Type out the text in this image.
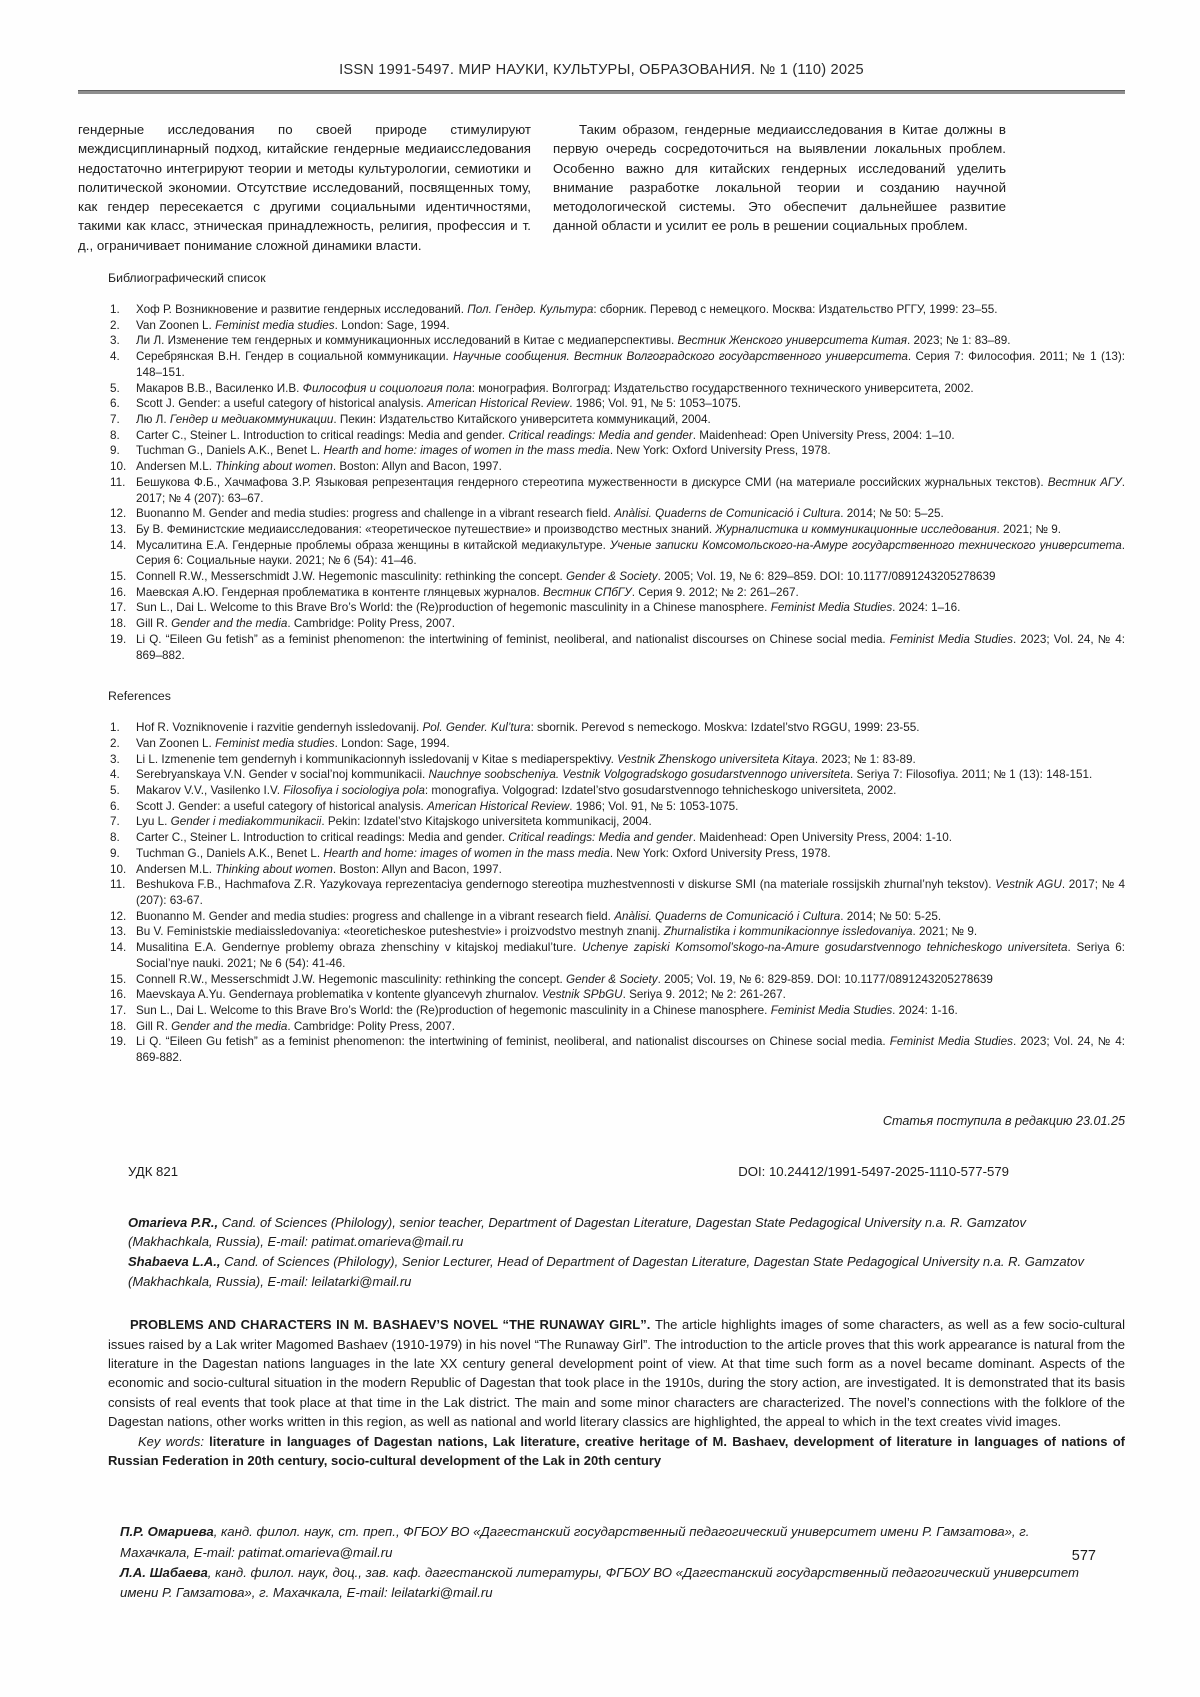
ISSN 1991-5497. МИР НАУКИ, КУЛЬТУРЫ, ОБРАЗОВАНИЯ. № 1 (110) 2025

гендерные исследования по своей природе стимулируют междисциплинарный подход, китайские гендерные медиаисследования недостаточно интегрируют теории и методы культурологии, семиотики и политической экономии. Отсутствие исследований, посвященных тому, как гендер пересекается с другими социальными идентичностями, такими как класс, этническая принадлежность, религия, профессия и т. д., ограничивает понимание сложной динамики власти.

Таким образом, гендерные медиаисследования в Китае должны в первую очередь сосредоточиться на выявлении локальных проблем. Особенно важно для китайских гендерных исследований уделить внимание разработке локальной теории и созданию научной методологической системы. Это обеспечит дальнейшее развитие данной области и усилит ее роль в решении социальных проблем.

Библиографический список
1.	Хоф Р. Возникновение и развитие гендерных исследований. Пол. Гендер. Культура: сборник. Перевод с немецкого. Москва: Издательство РГГУ, 1999: 23–55.
2.	Van Zoonen L. Feminist media studies. London: Sage, 1994.
3.	Ли Л. Изменение тем гендерных и коммуникационных исследований в Китае с медиаперспективы. Вестник Женского университета Китая. 2023; № 1: 83–89.
4.	Серебрянская В.Н. Гендер в социальной коммуникации. Научные сообщения. Вестник Волгоградского государственного университета. Серия 7: Философия. 2011; № 1 (13): 148–151.
5.	Макаров В.В., Василенко И.В. Философия и социология пола: монография. Волгоград: Издательство государственного технического университета, 2002.
6.	Scott J. Gender: a useful category of historical analysis. American Historical Review. 1986; Vol. 91, № 5: 1053–1075.
7.	Лю Л. Гендер и медиакоммуникации. Пекин: Издательство Китайского университета коммуникаций, 2004.
8.	Carter C., Steiner L. Introduction to critical readings: Media and gender. Critical readings: Media and gender. Maidenhead: Open University Press, 2004: 1–10.
9.	Tuchman G., Daniels A.K., Benet L. Hearth and home: images of women in the mass media. New York: Oxford University Press, 1978.
10. Andersen M.L. Thinking about women. Boston: Allyn and Bacon, 1997.
11. Бешукова Ф.Б., Хачмафова З.Р. Языковая репрезентация гендерного стереотипа мужественности в дискурсе СМИ (на материале российских журнальных текстов). Вестник АГУ. 2017; № 4 (207): 63–67.
12. Buonanno M. Gender and media studies: progress and challenge in a vibrant research field. Anàlisi. Quaderns de Comunicació i Cultura. 2014; № 50: 5–25.
13. Бу В. Феминистские медиаисследования: «теоретическое путешествие» и производство местных знаний. Журналистика и коммуникационные исследования. 2021; № 9.
14. Мусалитина Е.А. Гендерные проблемы образа женщины в китайской медиакультуре. Ученые записки Комсомольского-на-Амуре государственного технического университета. Серия 6: Социальные науки. 2021; № 6 (54): 41–46.
15. Connell R.W., Messerschmidt J.W. Hegemonic masculinity: rethinking the concept. Gender & Society. 2005; Vol. 19, № 6: 829–859. DOI: 10.1177/0891243205278639
16. Маевская А.Ю. Гендерная проблематика в контенте глянцевых журналов. Вестник СПбГУ. Серия 9. 2012; № 2: 261–267.
17. Sun L., Dai L. Welcome to this Brave Bro’s World: the (Re)production of hegemonic masculinity in a Chinese manosphere. Feminist Media Studies. 2024: 1–16.
18. Gill R. Gender and the media. Cambridge: Polity Press, 2007.
19. Li Q. “Eileen Gu fetish” as a feminist phenomenon: the intertwining of feminist, neoliberal, and nationalist discourses on Chinese social media. Feminist Media Studies. 2023; Vol. 24, № 4: 869–882.
References
1.	Hof R. Vozniknovenie i razvitie gendernyh issledovanij. Pol. Gender. Kul’tura: sbornik. Perevod s nemeckogo. Moskva: Izdatel’stvo RGGU, 1999: 23-55.
2.	Van Zoonen L. Feminist media studies. London: Sage, 1994.
3.	Li L. Izmenenie tem gendernyh i kommunikacionnyh issledovanij v Kitae s mediaperspektivy. Vestnik Zhenskogo universiteta Kitaya. 2023; № 1: 83-89.
4.	Serebryanskaya V.N. Gender v social’noj kommunikacii. Nauchnye soobscheniya. Vestnik Volgogradskogo gosudarstvennogo universiteta. Seriya 7: Filosofiya. 2011; № 1 (13): 148-151.
5.	Makarov V.V., Vasilenko I.V. Filosofiya i sociologiya pola: monografiya. Volgograd: Izdatel’stvo gosudarstvennogo tehnicheskogo universiteta, 2002.
6.	Scott J. Gender: a useful category of historical analysis. American Historical Review. 1986; Vol. 91, № 5: 1053-1075.
7.	Lyu L. Gender i mediakommunikacii. Pekin: Izdatel’stvo Kitajskogo universiteta kommunikacij, 2004.
8.	Carter C., Steiner L. Introduction to critical readings: Media and gender. Critical readings: Media and gender. Maidenhead: Open University Press, 2004: 1-10.
9.	Tuchman G., Daniels A.K., Benet L. Hearth and home: images of women in the mass media. New York: Oxford University Press, 1978.
10. Andersen M.L. Thinking about women. Boston: Allyn and Bacon, 1997.
11. Beshukova F.B., Hachmafova Z.R. Yazykovaya reprezentaciya gendernogo stereotipa muzhestvennosti v diskurse SMI (na materiale rossijskih zhurnal’nyh tekstov). Vestnik AGU. 2017; № 4 (207): 63-67.
12. Buonanno M. Gender and media studies: progress and challenge in a vibrant research field. Anàlisi. Quaderns de Comunicació i Cultura. 2014; № 50: 5-25.
13. Bu V. Feministskie mediaissledovaniya: «teoreticheskoe puteshestvie» i proizvodstvo mestnyh znanij. Zhurnalistika i kommunikacionnye issledovaniya. 2021; № 9.
14. Musalitina E.A. Gendernye problemy obraza zhenschiny v kitajskoj mediakul’ture. Uchenye zapiski Komsomol’skogo-na-Amure gosudarstvennogo tehnicheskogo universiteta. Seriya 6: Social’nye nauki. 2021; № 6 (54): 41-46.
15. Connell R.W., Messerschmidt J.W. Hegemonic masculinity: rethinking the concept. Gender & Society. 2005; Vol. 19, № 6: 829-859. DOI: 10.1177/0891243205278639
16. Maevskaya A.Yu. Gendernaya problematika v kontente glyancevyh zhurnalov. Vestnik SPbGU. Seriya 9. 2012; № 2: 261-267.
17. Sun L., Dai L. Welcome to this Brave Bro’s World: the (Re)production of hegemonic masculinity in a Chinese manosphere. Feminist Media Studies. 2024: 1-16.
18. Gill R. Gender and the media. Cambridge: Polity Press, 2007.
19. Li Q. “Eileen Gu fetish” as a feminist phenomenon: the intertwining of feminist, neoliberal, and nationalist discourses on Chinese social media. Feminist Media Studies. 2023; Vol. 24, № 4: 869-882.
Статья поступила в редакцию 23.01.25
УДК 821	DOI: 10.24412/1991-5497-2025-1110-577-579

Omarieva P.R., Cand. of Sciences (Philology), senior teacher, Department of Dagestan Literature, Dagestan State Pedagogical University n.a. R. Gamzatov (Makhachkala, Russia), E-mail: patimat.omarieva@mail.ru

Shabaeva L.A., Cand. of Sciences (Philology), Senior Lecturer, Head of Department of Dagestan Literature, Dagestan State Pedagogical University n.a. R. Gamzatov (Makhachkala, Russia), E-mail: leilatarki@mail.ru

PROBLEMS AND CHARACTERS IN M. BASHAEV’S NOVEL “THE RUNAWAY GIRL”. The article highlights images of some characters, as well as a few socio-cultural issues raised by a Lak writer Magomed Bashaev (1910-1979) in his novel “The Runaway Girl”. The introduction to the article proves that this work appearance is natural from the literature in the Dagestan nations languages in the late XX century general development point of view. At that time such form as a novel became dominant. Aspects of the economic and socio-cultural situation in the modern Republic of Dagestan that took place in the 1910s, during the story action, are investigated. It is demonstrated that its basis consists of real events that took place at that time in the Lak district. The main and some minor characters are characterized. The novel’s connections with the folklore of the Dagestan nations, other works written in this region, as well as national and world literary classics are highlighted, the appeal to which in the text creates vivid images.

Key words: literature in languages of Dagestan nations, Lak literature, creative heritage of M. Bashaev, development of literature in languages of nations of Russian Federation in 20th century, socio-cultural development of the Lak in 20th century

П.Р. Омариева, канд. филол. наук, ст. преп., ФГБОУ ВО «Дагестанский государственный педагогический университет имени Р. Гамзатова», г. Махачкала, E-mail: patimat.omarieva@mail.ru

Л.А. Шабаева, канд. филол. наук, доц., зав. каф. дагестанской литературы, ФГБОУ ВО «Дагестанский государственный педагогический университет имени Р. Гамзатова», г. Махачкала, E-mail: leilatarki@mail.ru

577
